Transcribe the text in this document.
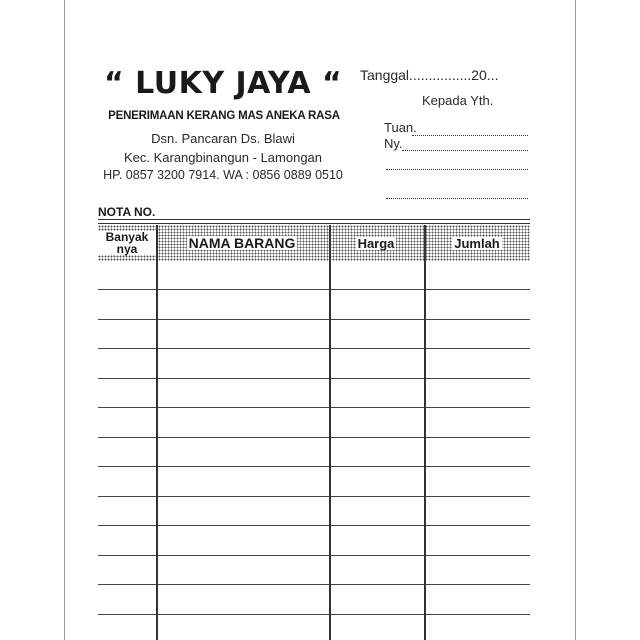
“ LUKY JAYA “
PENERIMAAN KERANG MAS ANEKA RASA
Dsn. Pancaran Ds. Blawi
Kec. Karangbinangun - Lamongan
HP. 0857 3200 7914. WA : 0856 0889 0510
Tanggal................20...
Kepada Yth.
Tuan.
Ny.
NOTA NO.
Banyak nya	NAMA BARANG	Harga	Jumlah
